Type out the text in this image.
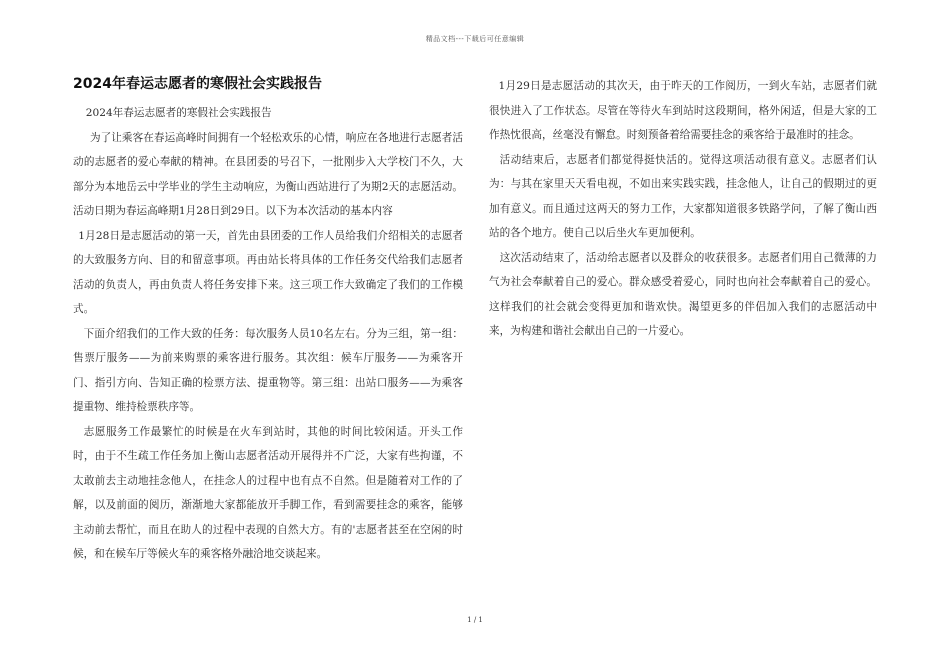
精品文档---下载后可任意编辑
2024年春运志愿者的寒假社会实践报告

2024年春运志愿者的寒假社会实践报告

为了让乘客在春运高峰时间拥有一个轻松欢乐的心情，响应在各地进行志愿者活动的志愿者的爱心奉献的精神。在县团委的号召下，一批刚步入大学校门不久，大部分为本地岳云中学毕业的学生主动响应，为衡山西站进行了为期2天的志愿活动。活动日期为春运高峰期1月28日到29日。以下为本次活动的基本内容

1月28日是志愿活动的第一天，首先由县团委的工作人员给我们介绍相关的志愿者的大致服务方向、目的和留意事项。再由站长将具体的工作任务交代给我们志愿者活动的负责人，再由负责人将任务安排下来。这三项工作大致确定了我们的工作模式。

下面介绍我们的工作大致的任务：每次服务人员10名左右。分为三组，第一组：售票厅服务——为前来购票的乘客进行服务。其次组：候车厅服务——为乘客开门、指引方向、告知正确的检票方法、提重物等。第三组：出站口服务——为乘客提重物、维持检票秩序等。

志愿服务工作最繁忙的时候是在火车到站时，其他的时间比较闲适。开头工作时，由于不生疏工作任务加上衡山志愿者活动开展得并不广泛，大家有些拘谨，不太敢前去主动地挂念他人，在挂念人的过程中也有点不自然。但是随着对工作的了解，以及前面的阅历，渐渐地大家都能放开手脚工作，看到需要挂念的乘客，能够主动前去帮忙，而且在助人的过程中表现的自然大方。有的'志愿者甚至在空闲的时候，和在候车厅等候火车的乘客格外融洽地交谈起来。

1月29日是志愿活动的其次天，由于昨天的工作阅历，一到火车站，志愿者们就很快进入了工作状态。尽管在等待火车到站时这段期间，格外闲适，但是大家的工作热忱很高，丝毫没有懈怠。时刻预备着给需要挂念的乘客给于最准时的挂念。

活动结束后，志愿者们都觉得挺快活的。觉得这项活动很有意义。志愿者们认为：与其在家里天天看电视，不如出来实践实践，挂念他人，让自己的假期过的更加有意义。而且通过这两天的努力工作，大家都知道很多铁路学问，了解了衡山西站的各个地方。使自己以后坐火车更加便利。

这次活动结束了，活动给志愿者以及群众的收获很多。志愿者们用自己微薄的力气为社会奉献着自己的爱心。群众感受着爱心，同时也向社会奉献着自己的爱心。这样我们的社会就会变得更加和谐欢快。渴望更多的伴侣加入我们的志愿活动中来，为构建和谐社会献出自己的一片爱心。

1 / 1
